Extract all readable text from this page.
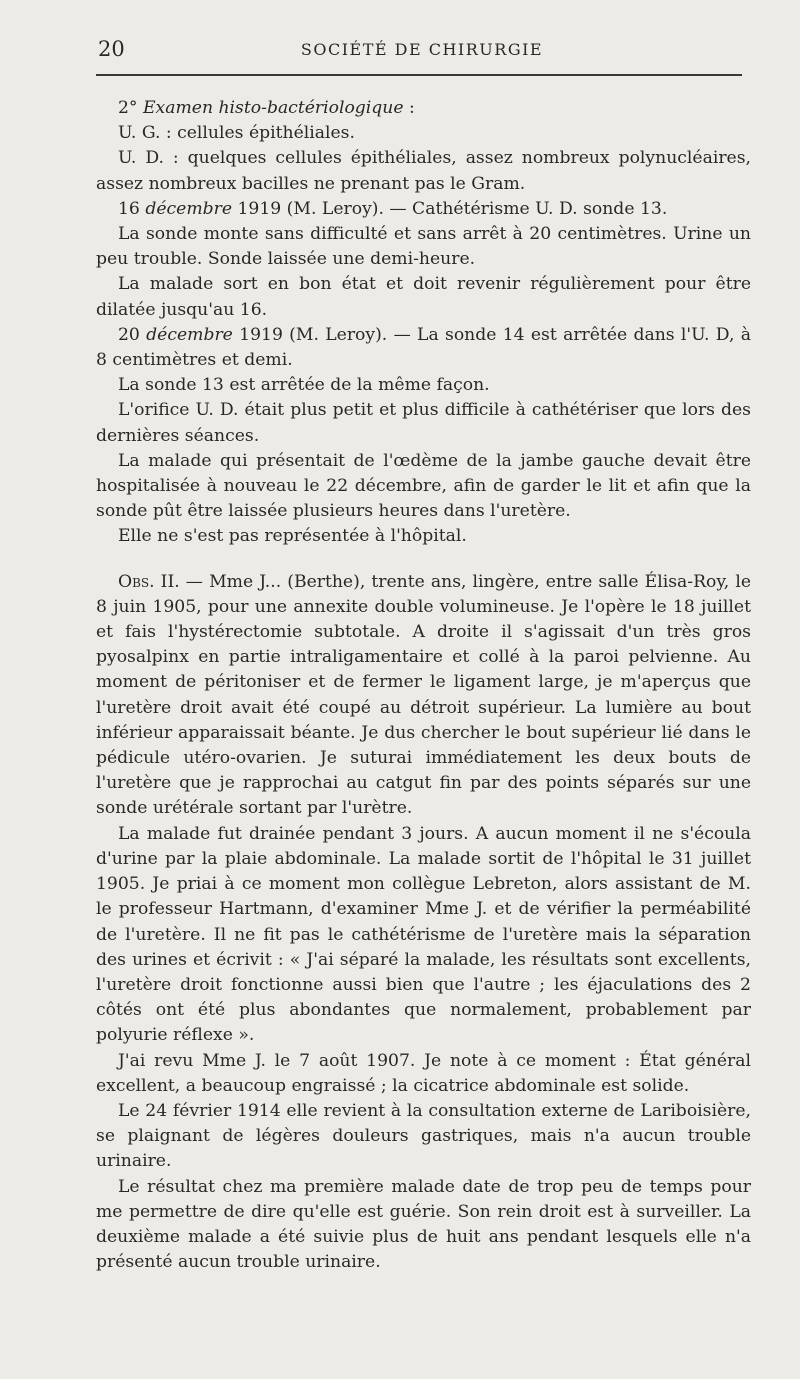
20	SOCIÉTÉ DE CHIRURGIE

2° Examen histo-bactériologique :

U. G. : cellules épithéliales.

U. D. : quelques cellules épithéliales, assez nombreux polynucléaires, assez nombreux bacilles ne prenant pas le Gram.

16 décembre 1919 (M. Leroy). — Cathétérisme U. D. sonde 13.

La sonde monte sans difficulté et sans arrêt à 20 centimètres. Urine un peu trouble. Sonde laissée une demi-heure.

La malade sort en bon état et doit revenir régulièrement pour être dilatée jusqu'au 16.

20 décembre 1919 (M. Leroy). — La sonde 14 est arrêtée dans l'U. D, à 8 centimètres et demi.

La sonde 13 est arrêtée de la même façon.

L'orifice U. D. était plus petit et plus difficile à cathétériser que lors des dernières séances.

La malade qui présentait de l'œdème de la jambe gauche devait être hospitalisée à nouveau le 22 décembre, afin de garder le lit et afin que la sonde pût être laissée plusieurs heures dans l'uretère.

Elle ne s'est pas représentée à l'hôpital.

Obs. II. — Mme J... (Berthe), trente ans, lingère, entre salle Élisa-Roy, le 8 juin 1905, pour une annexite double volumineuse. Je l'opère le 18 juillet et fais l'hystérectomie subtotale. A droite il s'agissait d'un très gros pyosalpinx en partie intraligamentaire et collé à la paroi pelvienne. Au moment de péritoniser et de fermer le ligament large, je m'aperçus que l'uretère droit avait été coupé au détroit supérieur. La lumière au bout inférieur apparaissait béante. Je dus chercher le bout supérieur lié dans le pédicule utéro-ovarien. Je suturai immédiatement les deux bouts de l'uretère que je rapprochai au catgut fin par des points séparés sur une sonde urétérale sortant par l'urètre.

La malade fut drainée pendant 3 jours. A aucun moment il ne s'écoula d'urine par la plaie abdominale. La malade sortit de l'hôpital le 31 juillet 1905. Je priai à ce moment mon collègue Lebreton, alors assistant de M. le professeur Hartmann, d'examiner Mme J. et de vérifier la perméabilité de l'uretère. Il ne fit pas le cathétérisme de l'uretère mais la séparation des urines et écrivit : « J'ai séparé la malade, les résultats sont excellents, l'uretère droit fonctionne aussi bien que l'autre ; les éjaculations des 2 côtés ont été plus abondantes que normalement, probablement par polyurie réflexe ».

J'ai revu Mme J. le 7 août 1907. Je note à ce moment : État général excellent, a beaucoup engraissé ; la cicatrice abdominale est solide.

Le 24 février 1914 elle revient à la consultation externe de Lariboisière, se plaignant de légères douleurs gastriques, mais n'a aucun trouble urinaire.

Le résultat chez ma première malade date de trop peu de temps pour me permettre de dire qu'elle est guérie. Son rein droit est à surveiller. La deuxième malade a été suivie plus de huit ans pendant lesquels elle n'a présenté aucun trouble urinaire.
